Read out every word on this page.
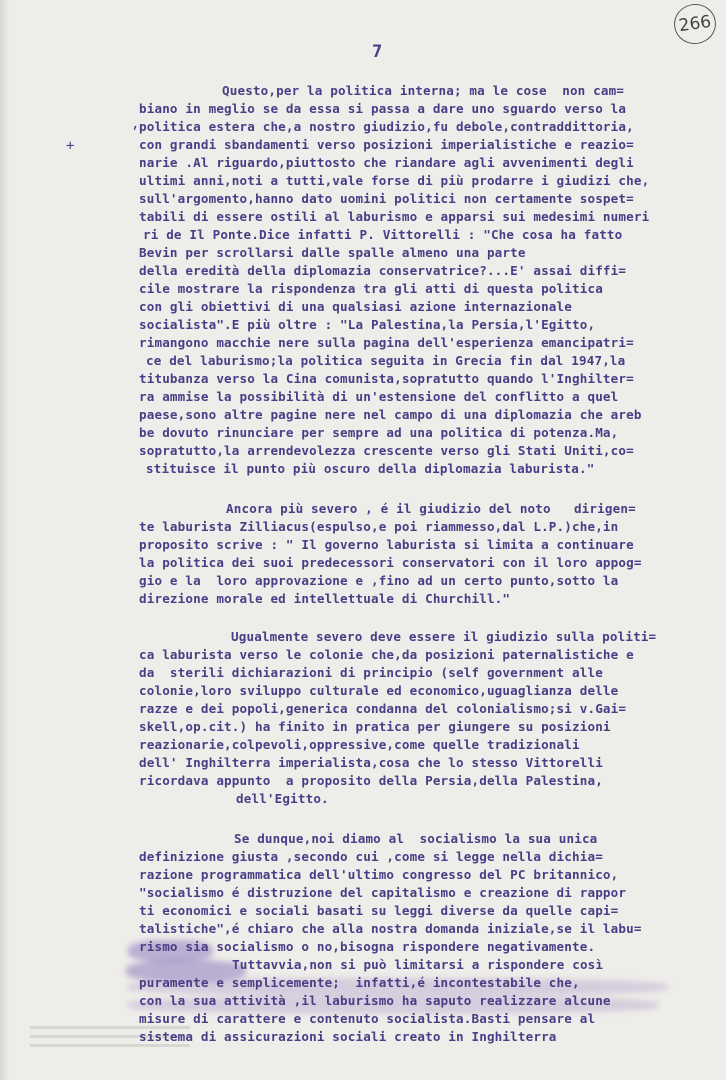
266
7
,
+
Questo,per la politica interna; ma le cose  non cam=
biano in meglio se da essa si passa a dare uno sguardo verso la
politica estera che,a nostro giudizio,fu debole,contraddittoria,
con grandi sbandamenti verso posizioni imperialistiche e reazio=
narie .Al riguardo,piuttosto che riandare agli avvenimenti degli
ultimi anni,noti a tutti,vale forse di più prodarre i giudizi che,
sull'argomento,hanno dato uomini politici non certamente sospet=
tabili di essere ostili al laburismo e apparsi sui medesimi numeri
ri de Il Ponte.Dice infatti P. Vittorelli : "Che cosa ha fatto
Bevin per scrollarsi dalle spalle almeno una parte
della eredità della diplomazia conservatrice?...E' assai diffi=
cile mostrare la rispondenza tra gli atti di questa politica
con gli obiettivi di una qualsiasi azione internazionale
socialista".E più oltre : "La Palestina,la Persia,l'Egitto,
rimangono macchie nere sulla pagina dell'esperienza emancipatri=
ce del laburismo;la politica seguita in Grecia fin dal 1947,la
titubanza verso la Cina comunista,sopratutto quando l'Inghilter=
ra ammise la possibilità di un'estensione del conflitto a quel
paese,sono altre pagine nere nel campo di una diplomazia che areb
be dovuto rinunciare per sempre ad una politica di potenza.Ma,
sopratutto,la arrendevolezza crescente verso gli Stati Uniti,co=
stituisce il punto più oscuro della diplomazia laburista."
Ancora più severo , é il giudizio del noto   dirigen=
te laburista Zilliacus(espulso,e poi riammesso,dal L.P.)che,in
proposito scrive : " Il governo laburista si limita a continuare
la politica dei suoi predecessori conservatori con il loro appog=
gio e la  loro approvazione e ,fino ad un certo punto,sotto la
direzione morale ed intellettuale di Churchill."
Ugualmente severo deve essere il giudizio sulla politi=
ca laburista verso le colonie che,da posizioni paternalistiche e
da  sterili dichiarazioni di principio (self government alle
colonie,loro sviluppo culturale ed economico,uguaglianza delle
razze e dei popoli,generica condanna del colonialismo;si v.Gai=
skell,op.cit.) ha finito in pratica per giungere su posizioni
reazionarie,colpevoli,oppressive,come quelle tradizionali
dell' Inghilterra imperialista,cosa che lo stesso Vittorelli
ricordava appunto  a proposito della Persia,della Palestina,
dell'Egitto.
Se dunque,noi diamo al  socialismo la sua unica
definizione giusta ,secondo cui ,come si legge nella dichia=
razione programmatica dell'ultimo congresso del PC britannico,
"socialismo é distruzione del capitalismo e creazione di rappor
ti economici e sociali basati su leggi diverse da quelle capi=
talistiche",é chiaro che alla nostra domanda iniziale,se il labu=
rismo sia socialismo o no,bisogna rispondere negativamente.
Tuttavvia,non si può limitarsi a rispondere così
puramente e semplicemente;  infatti,é incontestabile che,
con la sua attività ,il laburismo ha saputo realizzare alcune
misure di carattere e contenuto socialista.Basti pensare al
sistema di assicurazioni sociali creato in Inghilterra
